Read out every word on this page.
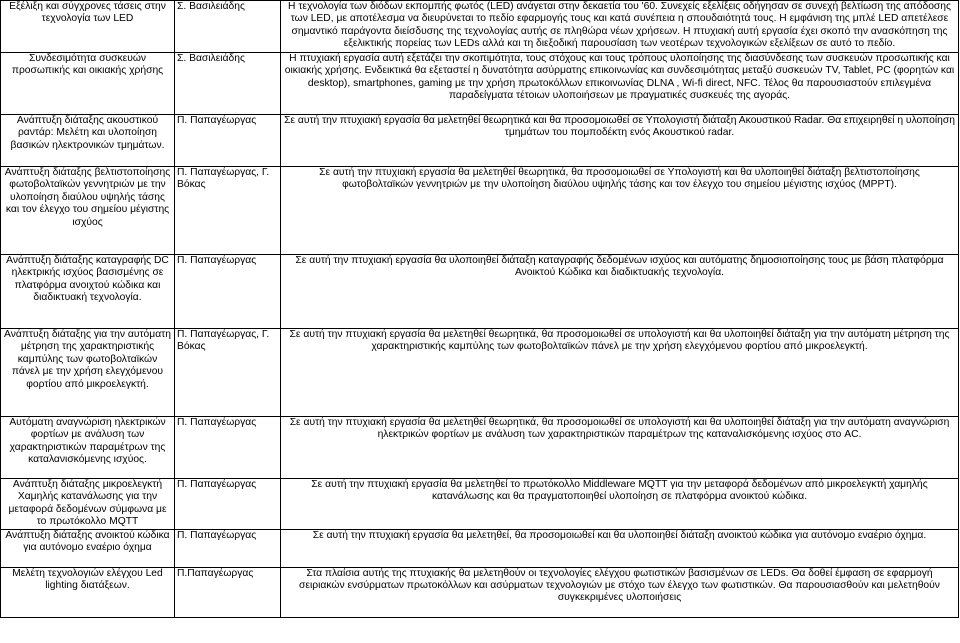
Εξέλιξη και σύγχρονες τάσεις στην τεχνολογία των LED	Σ. Βασιλειάδης	Η τεχνολογία των διόδων εκπομπής φωτός (LED) ανάγεται στην δεκαετία του '60. Συνεχείς εξελίξεις οδήγησαν σε συνεχή βελτίωση της απόδοσης των LED, με αποτέλεσμα να διευρύνεται το πεδίο εφαρμογής τους και κατά συνέπεια η σπουδαιότητά τους. Η εμφάνιση της μπλέ LED απετέλεσε σημαντικό παράγοντα διείσδυσης της τεχνολογίας αυτής σε πληθώρα νέων χρήσεων. Η πτυχιακή αυτή εργασία έχει σκοπό την ανασκόπηση της εξελικτικής πορείας των LEDs αλλά και τη διεξοδική παρουσίαση των νεοτέρων τεχνολογικών εξελίξεων σε αυτό το πεδίο.
Συνδεσιμότητα συσκευών προσωπικής και οικιακής χρήσης	Σ. Βασιλειάδης	Η πτυχιακή εργασία αυτή εξετάζει την σκοπιμότητα, τους στόχους και τους τρόπους υλοποίησης της διασύνδεσης των συσκευών προσωπικής και οικιακής χρήσης. Ενδεικτικά θα εξεταστεί η δυνατότητα ασύρματης επικοινωνίας και συνδεσιμότητας μεταξύ συσκευών TV, Tablet, PC (φορητών και desktop), smartphones, gaming με την χρήση πρωτοκόλλων επικοινωνίας DLNA , Wi-fi direct, NFC. Τέλος θα παρουσιαστούν επιλεγμένα παραδείγματα τέτοιων υλοποιήσεων με πραγματικές συσκευές της αγοράς.
Ανάπτυξη διάταξης ακουστικού ραντάρ: Μελέτη και υλοποίηση βασικών ηλεκτρονικών τμημάτων.	Π. Παπαγέωργας	Σε αυτή την πτυχιακή εργασία θα μελετηθεί θεωρητικά και θα προσομοιωθεί σε Υπολογιστή διάταξη Ακουστικού Radar. Θα επιχειρηθεί η υλοποίηση τμημάτων του πομποδέκτη ενός Ακουστικού radar.
Ανάπτυξη διάταξης βελτιστοποίησης φωτοβολταϊκών γεννητριών με την υλοποίηση διαύλου υψηλής τάσης και τον έλεγχο του σημείου μέγιστης ισχύος	Π. Παπαγέωργας, Γ. Βόκας	Σε αυτή την πτυχιακή εργασία θα μελετηθεί θεωρητικά, θα προσομοιωθεί σε Υπολογιστή και θα υλοποιηθεί διάταξη βελτιστοποίησης φωτοβολταϊκών γεννητριών με την υλοποίηση διαύλου υψηλής τάσης και τον έλεγχο του σημείου μέγιστης ισχύος (MPPT).
Ανάπτυξη διάταξης καταγραφής DC ηλεκτρικής ισχύος βασισμένης σε πλατφόρμα ανοιχτού κώδικα και διαδικτυακή τεχνολογία.	Π. Παπαγέωργας	Σε αυτή την πτυχιακή εργασία θα υλοποιηθεί διάταξη καταγραφής δεδομένων ισχύος και αυτόματης δημοσιοποίησης τους με βάση πλατφόρμα Ανοικτού Κώδικα και διαδικτυακής τεχνολογία.
Ανάπτυξη διάταξης για την αυτόματη μέτρηση της χαρακτηριστικής καμπύλης των φωτοβολταϊκών πάνελ με την χρήση ελεγχόμενου φορτίου από μικροελεγκτή.	Π. Παπαγέωργας, Γ. Βόκας	Σε αυτή την πτυχιακή εργασία θα μελετηθεί θεωρητικά, θα προσομοιωθεί σε υπολογιστή και θα υλοποιηθεί διάταξη για την αυτόματη μέτρηση της χαρακτηριστικής καμπύλης των φωτοβολταϊκών πάνελ με την χρήση ελεγχόμενου φορτίου από μικροελεγκτή.
Αυτόματη αναγνώριση ηλεκτρικών φορτίων με ανάλυση των χαρακτηριστικών παραμέτρων της καταλανισκόμενης ισχύος.	Π. Παπαγέωργας	Σε αυτή την πτυχιακή εργασία θα μελετηθεί θεωρητικά, θα προσομοιωθεί σε υπολογιστή και θα υλοποιηθεί διάταξη για την αυτόματη αναγνώριση ηλεκτρικών φορτίων με ανάλυση των χαρακτηριστικών παραμέτρων της καταναλισκόμενης ισχύος στο AC.
Ανάπτυξη διάταξης μικροελεγκτή Χαμηλής κατανάλωσης για την μεταφορά δεδομένων σύμφωνα με το πρωτόκολλο MQTT	Π. Παπαγέωργας	Σε αυτή την πτυχιακή εργασία θα μελετηθεί το πρωτόκολλο Middleware MQTT για την μεταφορά δεδομένων από μικροελεγκτή χαμηλής κατανάλωσης και θα πραγματοποιηθεί υλοποίηση σε πλατφόρμα ανοικτού κώδικα.
Ανάπτυξη διάταξης ανοικτού κώδικα για αυτόνομο εναέριο όχημα	Π. Παπαγέωργας	Σε αυτή την πτυχιακή εργασία θα μελετηθεί, θα προσομοιωθεί και θα υλοποιηθεί διάταξη ανοικτού κώδικα για αυτόνομο εναέριο όχημα.
Μελέτη τεχνολογιών ελέγχου Led lighting διατάξεων.	Π.Παπαγέωργας	Στα πλαίσια αυτής της πτυχιακής θα μελετηθούν οι τεχνολογίες ελέγχου φωτιστικών βασισμένων σε LEDs. Θα δοθεί έμφαση σε εφαρμογή σειριακών ενσύρματων πρωτοκόλλων και ασύρματων τεχνολογιών με στόχο των έλεγχο των φωτιστικών. Θα παρουσιασθούν και μελετηθούν συγκεκριμένες υλοποιήσεις
